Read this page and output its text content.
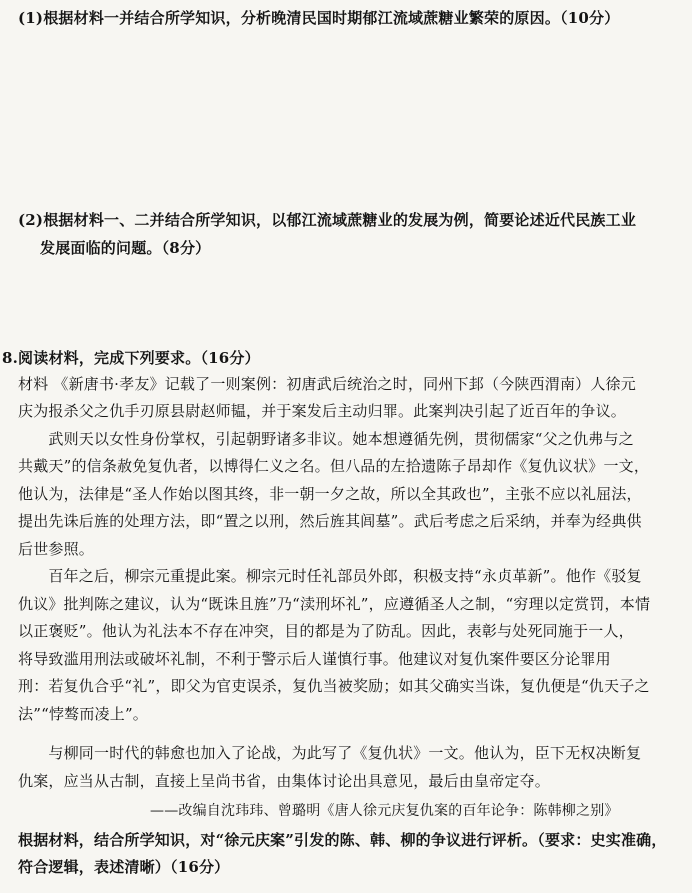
(1)根据材料一并结合所学知识，分析晚清民国时期郁江流域蔗糖业繁荣的原因。（10分）
(2)根据材料一、二并结合所学知识，以郁江流域蔗糖业的发展为例，简要论述近代民族工业
发展面临的问题。（8分）
8.阅读材料，完成下列要求。（16分）
材料 《新唐书·孝友》记载了一则案例：初唐武后统治之时，同州下邽（今陕西渭南）人徐元
庆为报杀父之仇手刃原县尉赵师韫，并于案发后主动归罪。此案判决引起了近百年的争议。
　　武则天以女性身份掌权，引起朝野诸多非议。她本想遵循先例，贯彻儒家“父之仇弗与之
共戴天”的信条赦免复仇者，以博得仁义之名。但八品的左拾遗陈子昂却作《复仇议状》一文，
他认为，法律是“圣人作始以图其终，非一朝一夕之故，所以全其政也”，主张不应以礼屈法，
提出先诛后旌的处理方法，即“置之以刑，然后旌其闾墓”。武后考虑之后采纳，并奉为经典供
后世参照。
　　百年之后，柳宗元重提此案。柳宗元时任礼部员外郎，积极支持“永贞革新”。他作《驳复
仇议》批判陈之建议，认为“既诛且旌”乃“渎刑坏礼”，应遵循圣人之制，“穷理以定赏罚，本情
以正褒贬”。他认为礼法本不存在冲突，目的都是为了防乱。因此，表彰与处死同施于一人，
将导致滥用刑法或破坏礼制，不利于警示后人谨慎行事。他建议对复仇案件要区分论罪用
刑：若复仇合乎“礼”，即父为官吏误杀，复仇当被奖励；如其父确实当诛，复仇便是“仇天子之
法”“悖骜而凌上”。
　　与柳同一时代的韩愈也加入了论战，为此写了《复仇状》一文。他认为，臣下无权决断复
仇案，应当从古制，直接上呈尚书省，由集体讨论出具意见，最后由皇帝定夺。
——改编自沈玮玮、曾璐明《唐人徐元庆复仇案的百年论争：陈韩柳之别》
根据材料，结合所学知识，对“徐元庆案”引发的陈、韩、柳的争议进行评析。（要求：史实准确，
符合逻辑，表述清晰）（16分）
